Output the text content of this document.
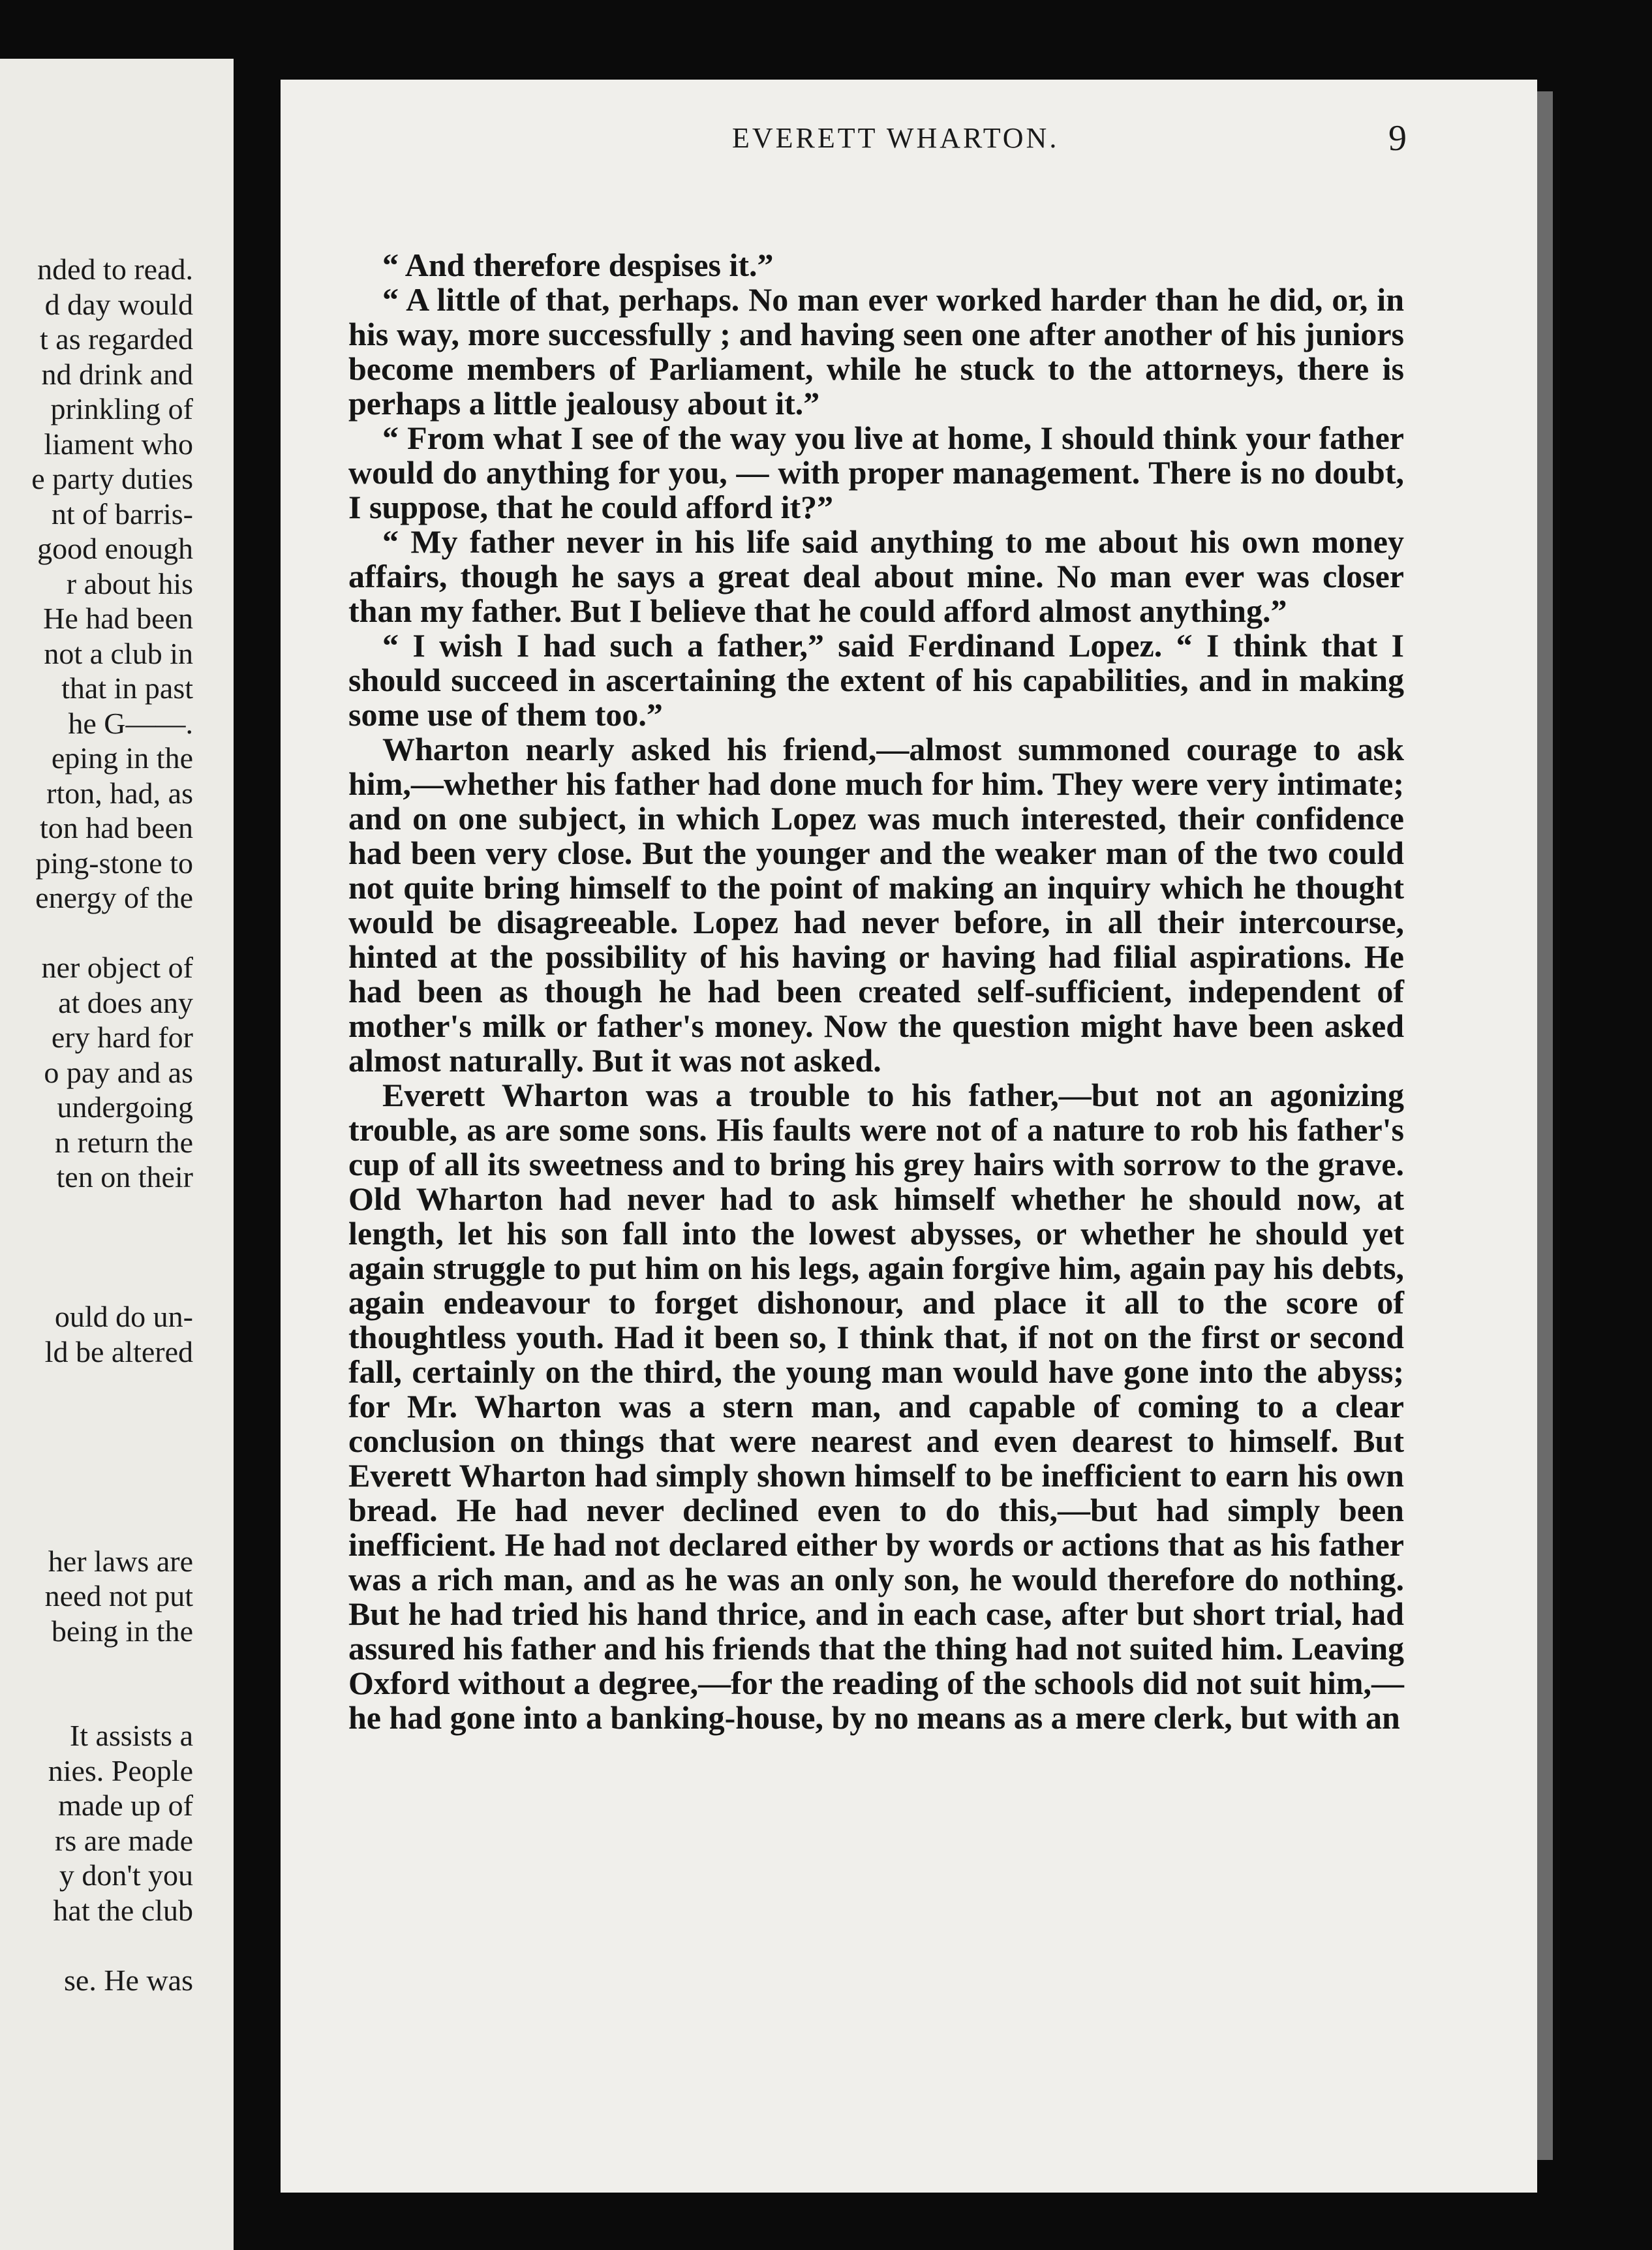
nded to read.
d day would
t as regarded
nd drink and
prinkling of
liament who
e party duties
nt of barris-
good enough
r about his
He had been
not a club in
that in past
he G——.
eping in the
rton, had, as
ton had been
ping-stone to
energy of the
ner object of
at does any
ery hard for
o pay and as
undergoing
n return the
ten on their
ould do un-
ld be altered
her laws are
need not put
being in the
It assists a
nies. People
made up of
rs are made
y don't you
hat the club
se. He was
EVERETT WHARTON.	9

“ And therefore despises it.”

“ A little of that, perhaps. No man ever worked harder than he did, or, in his way, more successfully ; and having seen one after another of his juniors become members of Parliament, while he stuck to the attorneys, there is perhaps a little jealousy about it.”

“ From what I see of the way you live at home, I should think your father would do anything for you, — with proper management. There is no doubt, I suppose, that he could afford it?”

“ My father never in his life said anything to me about his own money affairs, though he says a great deal about mine. No man ever was closer than my father. But I believe that he could afford almost anything.”

“ I wish I had such a father,” said Ferdinand Lopez. “ I think that I should succeed in ascertaining the extent of his capabilities, and in making some use of them too.”

Wharton nearly asked his friend,—almost summoned courage to ask him,—whether his father had done much for him. They were very intimate; and on one subject, in which Lopez was much interested, their confidence had been very close. But the younger and the weaker man of the two could not quite bring himself to the point of making an inquiry which he thought would be disagreeable. Lopez had never before, in all their intercourse, hinted at the possibility of his having or having had filial aspirations. He had been as though he had been created self-sufficient, independent of mother's milk or father's money. Now the question might have been asked almost naturally. But it was not asked.

Everett Wharton was a trouble to his father,—but not an agonizing trouble, as are some sons. His faults were not of a nature to rob his father's cup of all its sweetness and to bring his grey hairs with sorrow to the grave. Old Wharton had never had to ask himself whether he should now, at length, let his son fall into the lowest abysses, or whether he should yet again struggle to put him on his legs, again forgive him, again pay his debts, again endeavour to forget dishonour, and place it all to the score of thoughtless youth. Had it been so, I think that, if not on the first or second fall, certainly on the third, the young man would have gone into the abyss; for Mr. Wharton was a stern man, and capable of coming to a clear conclusion on things that were nearest and even dearest to himself. But Everett Wharton had simply shown himself to be inefficient to earn his own bread. He had never declined even to do this,—but had simply been inefficient. He had not declared either by words or actions that as his father was a rich man, and as he was an only son, he would therefore do nothing. But he had tried his hand thrice, and in each case, after but short trial, had assured his father and his friends that the thing had not suited him. Leaving Oxford without a degree,—for the reading of the schools did not suit him,—he had gone into a banking-house, by no means as a mere clerk, but with an
